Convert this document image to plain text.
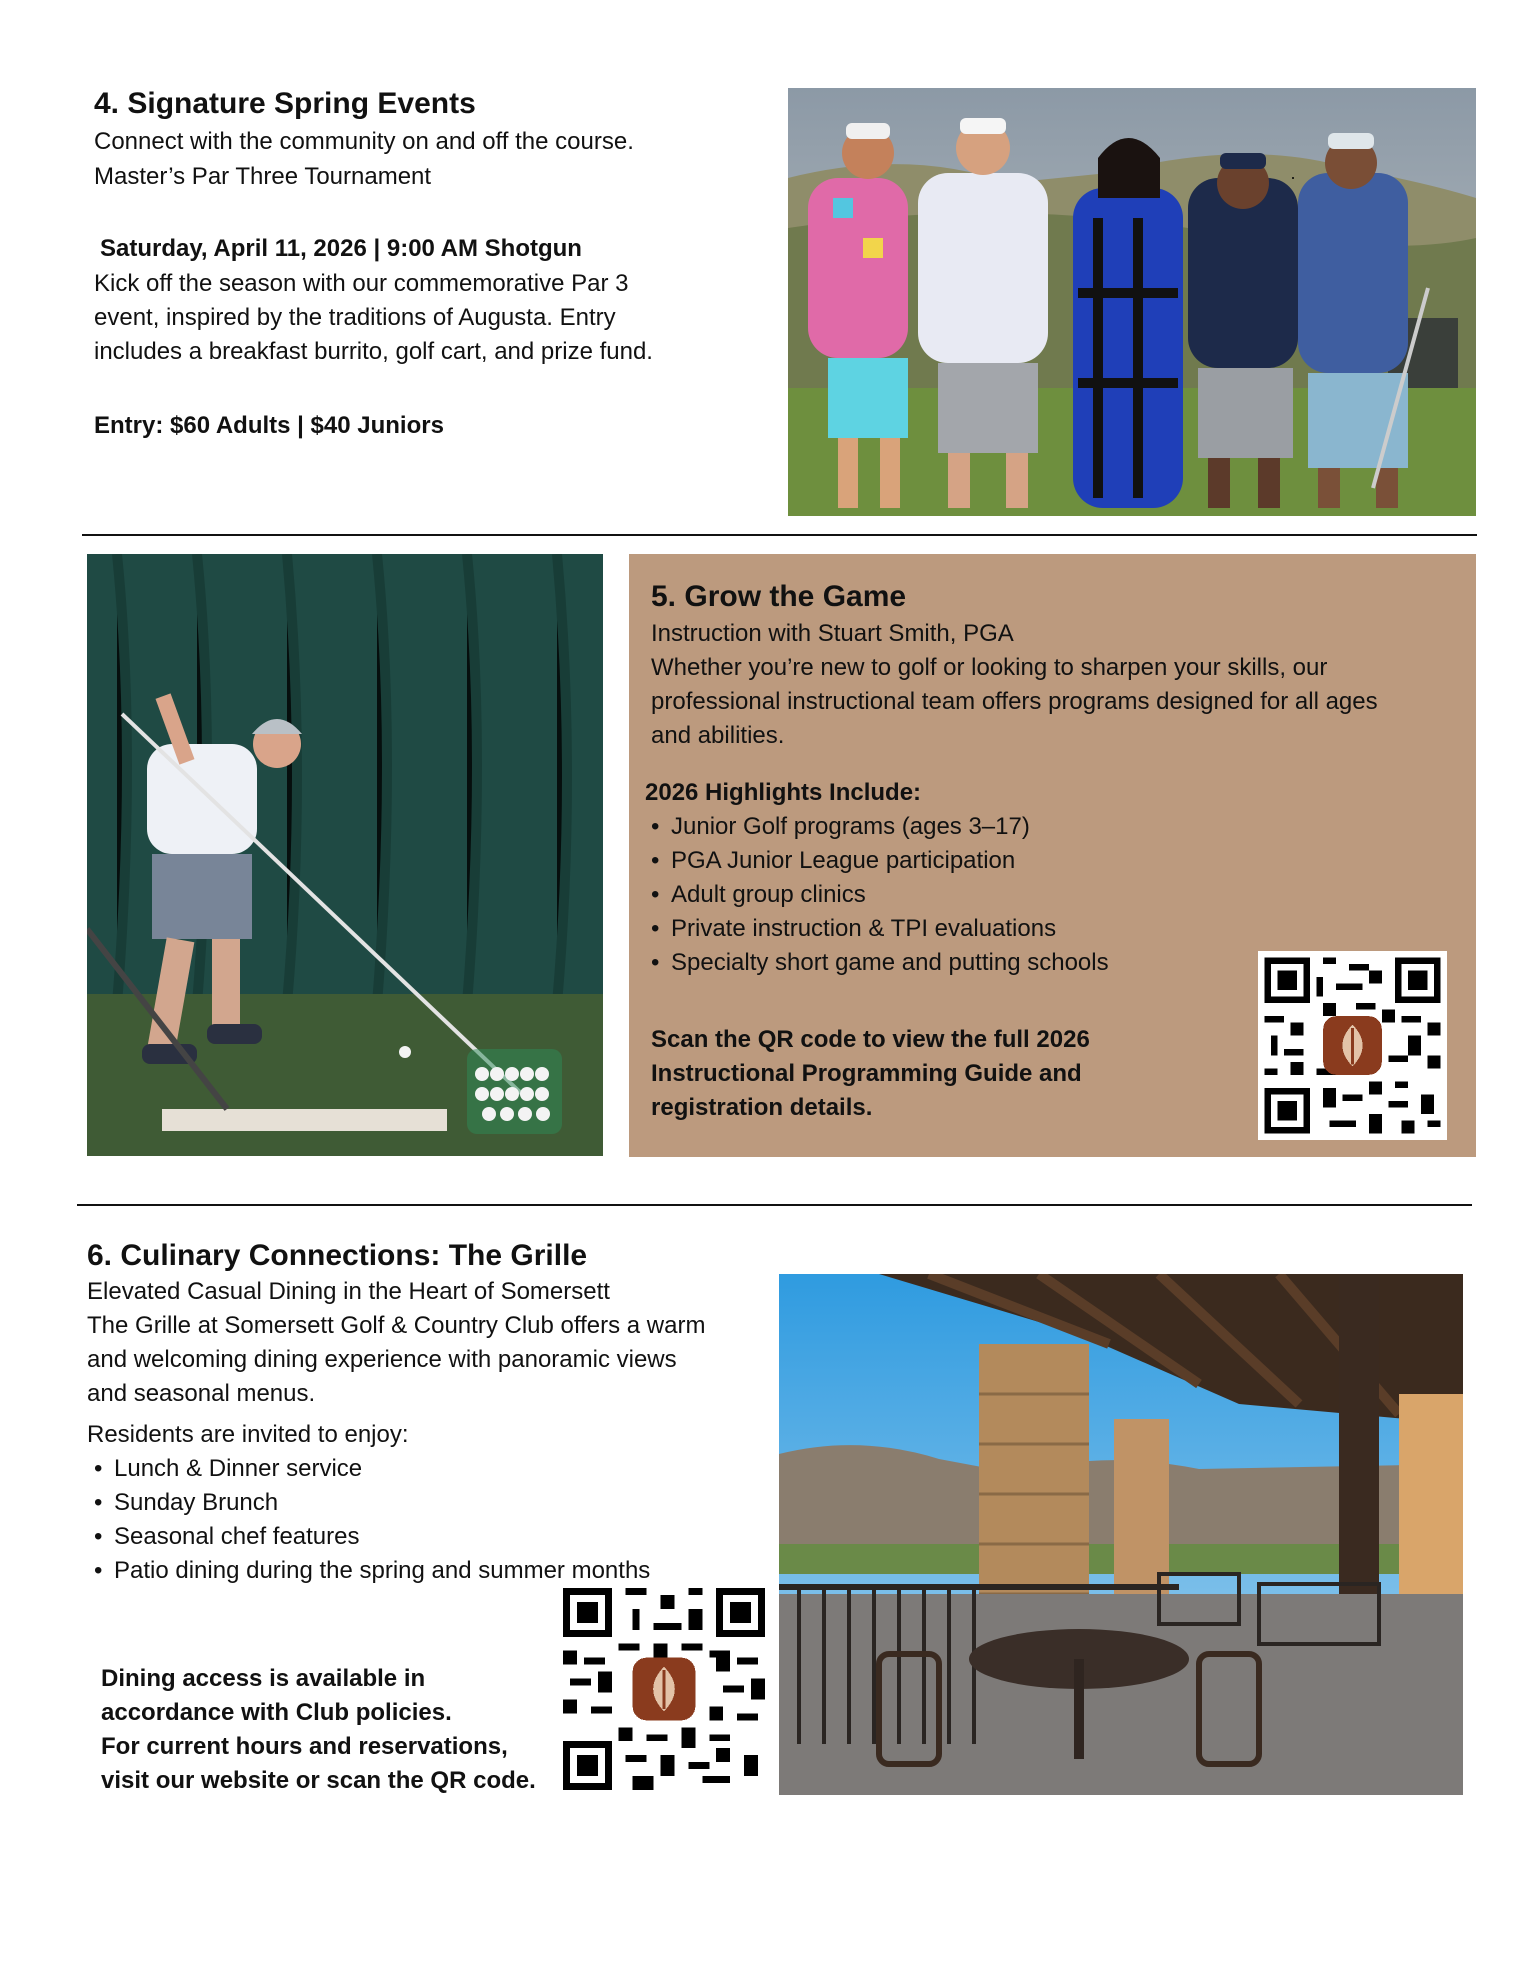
4. Signature Spring Events
Connect with the community on and off the course.
Master’s Par Three Tournament
Saturday, April 11, 2026 | 9:00 AM Shotgun
Kick off the season with our commemorative Par 3
event, inspired by the traditions of Augusta. Entry
includes a breakfast burrito, golf cart, and prize fund.
Entry: $60 Adults | $40 Juniors
5. Grow the Game
Instruction with Stuart Smith, PGA
Whether you’re new to golf or looking to sharpen your skills, our
professional instructional team offers programs designed for all ages
and abilities.
2026 Highlights Include:
• Junior Golf programs (ages 3–17)
• PGA Junior League participation
• Adult group clinics
• Private instruction & TPI evaluations
• Specialty short game and putting schools
Scan the QR code to view the full 2026
Instructional Programming Guide and
registration details.
6. Culinary Connections: The Grille
Elevated Casual Dining in the Heart of Somersett
The Grille at Somersett Golf & Country Club offers a warm
and welcoming dining experience with panoramic views
and seasonal menus.
Residents are invited to enjoy:
• Lunch & Dinner service
• Sunday Brunch
• Seasonal chef features
• Patio dining during the spring and summer months
Dining access is available in
accordance with Club policies.
For current hours and reservations,
visit our website or scan the QR code.
